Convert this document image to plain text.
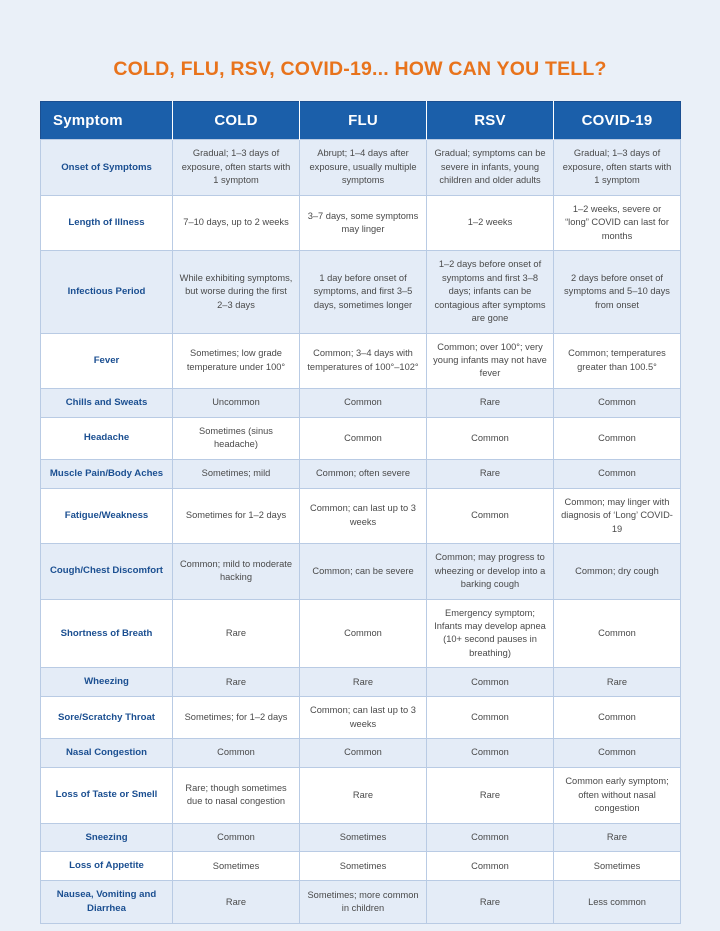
COLD, FLU, RSV, COVID-19... HOW CAN YOU TELL?
Symptom	COLD	FLU	RSV	COVID-19
Onset of Symptoms	Gradual; 1–3 days of exposure, often starts with 1 symptom	Abrupt; 1–4 days after exposure, usually multiple symptoms	Gradual; symptoms can be severe in infants, young children and older adults	Gradual; 1–3 days of exposure, often starts with 1 symptom
Length of Illness	7–10 days, up to 2 weeks	3–7 days, some symptoms may linger	1–2 weeks	1–2 weeks, severe or “long” COVID can last for months
Infectious Period	While exhibiting symptoms, but worse during the first 2–3 days	1 day before onset of symptoms, and first 3–5 days, sometimes longer	1–2 days before onset of symptoms and first 3–8 days; infants can be contagious after symptoms are gone	2 days before onset of symptoms and 5–10 days from onset
Fever	Sometimes; low grade temperature under 100°	Common; 3–4 days with temperatures of 100°–102°	Common; over 100°; very young infants may not have fever	Common; temperatures greater than 100.5°
Chills and Sweats	Uncommon	Common	Rare	Common
Headache	Sometimes (sinus headache)	Common	Common	Common
Muscle Pain/Body Aches	Sometimes; mild	Common; often severe	Rare	Common
Fatigue/Weakness	Sometimes for 1–2 days	Common; can last up to 3 weeks	Common	Common; may linger with diagnosis of ‘Long’ COVID-19
Cough/Chest Discomfort	Common; mild to moderate hacking	Common; can be severe	Common; may progress to wheezing or develop into a barking cough	Common; dry cough
Shortness of Breath	Rare	Common	Emergency symptom; Infants may develop apnea (10+ second pauses in breathing)	Common
Wheezing	Rare	Rare	Common	Rare
Sore/Scratchy Throat	Sometimes; for 1–2 days	Common; can last up to 3 weeks	Common	Common
Nasal Congestion	Common	Common	Common	Common
Loss of Taste or Smell	Rare; though sometimes due to nasal congestion	Rare	Rare	Common early symptom; often without nasal congestion
Sneezing	Common	Sometimes	Common	Rare
Loss of Appetite	Sometimes	Sometimes	Common	Sometimes
Nausea, Vomiting and Diarrhea	Rare	Sometimes; more common in children	Rare	Less common
